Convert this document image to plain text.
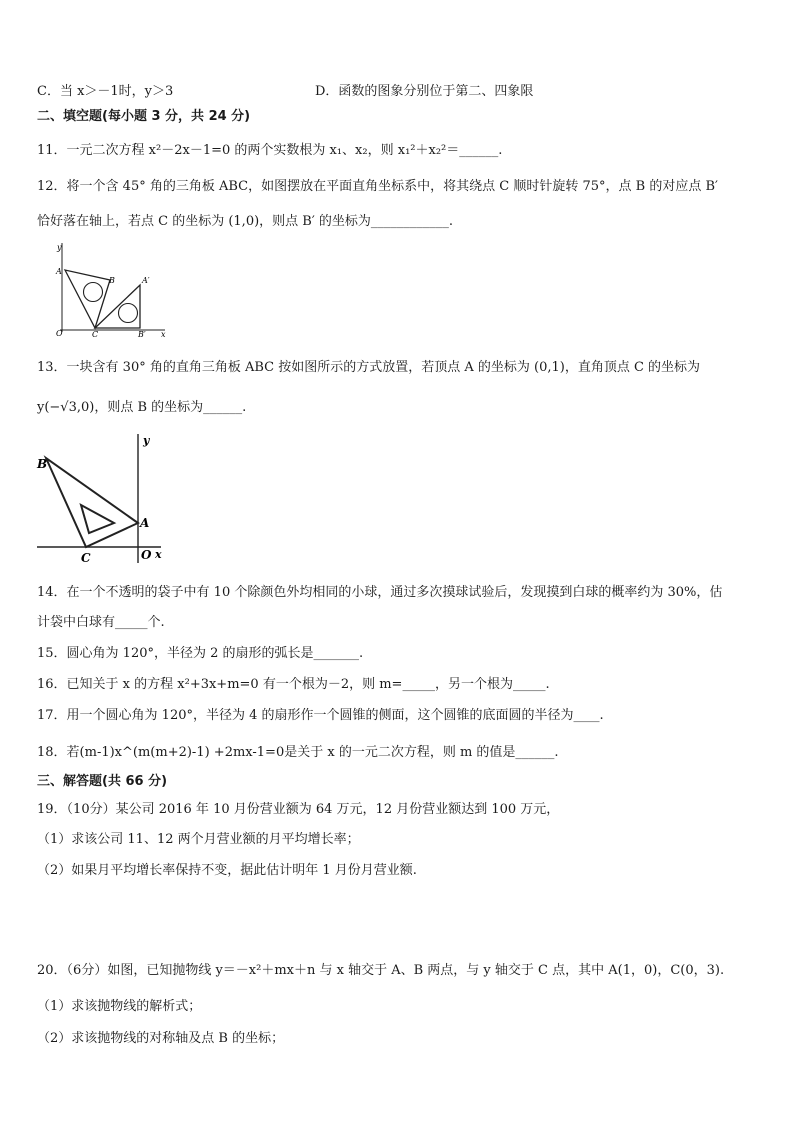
C．当 x＞－1时，y＞3	D．函数的图象分别位于第二、四象限
二、填空题(每小题 3 分，共 24 分)
11．一元二次方程 x²－2x－1=0 的两个实数根为 x₁、x₂，则 x₁²＋x₂²＝______.
12．将一个含 45° 角的三角板 ABC，如图摆放在平面直角坐标系中，将其绕点 C 顺时针旋转 75°，点 B 的对应点 B′
恰好落在轴上，若点 C 的坐标为 (1,0)，则点 B′ 的坐标为____________.
y
A
B	A′
O	C	B′ x
13．一块含有 30° 角的直角三角板 ABC 按如图所示的方式放置，若顶点 A 的坐标为 (0,1)，直角顶点 C 的坐标为
y(−√3,0)，则点 B 的坐标为______.
y
B
A
C	O x
14．在一个不透明的袋子中有 10 个除颜色外均相同的小球，通过多次摸球试验后，发现摸到白球的概率约为 30%，估
计袋中白球有_____个.
15．圆心角为 120°，半径为 2 的扇形的弧长是_______.
16．已知关于 x 的方程 x²+3x+m=0 有一个根为－2，则 m=_____，另一个根为_____.
17．用一个圆心角为 120°，半径为 4 的扇形作一个圆锥的侧面，这个圆锥的底面圆的半径为____.
18．若(m-1)x^(m(m+2)-1) +2mx-1=0是关于 x 的一元二次方程，则 m 的值是______.
三、解答题(共 66 分)
19．（10分）某公司 2016 年 10 月份营业额为 64 万元，12 月份营业额达到 100 万元，
（1）求该公司 11、12 两个月营业额的月平均增长率；
（2）如果月平均增长率保持不变，据此估计明年 1 月份月营业额.
20．（6分）如图，已知抛物线 y＝－x²＋mx＋n 与 x 轴交于 A、B 两点，与 y 轴交于 C 点，其中 A(1，0)，C(0，3).
（1）求该抛物线的解析式；
（2）求该抛物线的对称轴及点 B 的坐标；
